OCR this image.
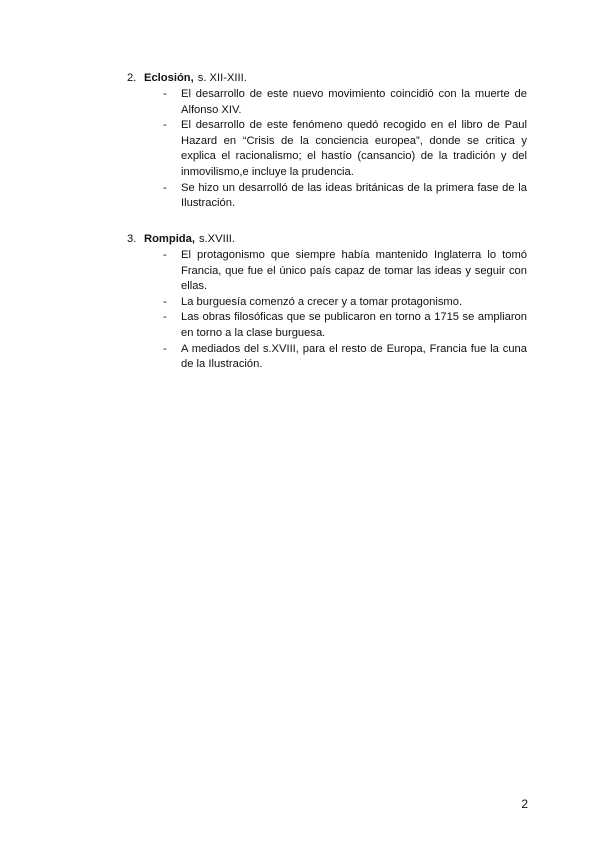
2. Eclosión, s. XII-XIII.
-	El desarrollo de este nuevo movimiento coincidió con la muerte de Alfonso XIV.
-	El desarrollo de este fenómeno quedó recogido en el libro de Paul Hazard en “Crisis de la conciencia europea”, donde se critica y explica el racionalismo; el hastío (cansancio) de la tradición y del inmovilismo,e incluye la prudencia.
-	Se hizo un desarrolló de las ideas británicas de la primera fase de la Ilustración.
3. Rompida, s.XVIII.
-	El protagonismo que siempre había mantenido Inglaterra lo tomó Francia, que fue el único país capaz de tomar las ideas y seguir con ellas.
-	La burguesía comenzó a crecer y a tomar protagonismo.
-	Las obras filosóficas que se publicaron en torno a 1715 se ampliaron en torno a la clase burguesa.
-	A mediados del s.XVIII, para el resto de Europa, Francia fue la cuna de la Ilustración.
2
